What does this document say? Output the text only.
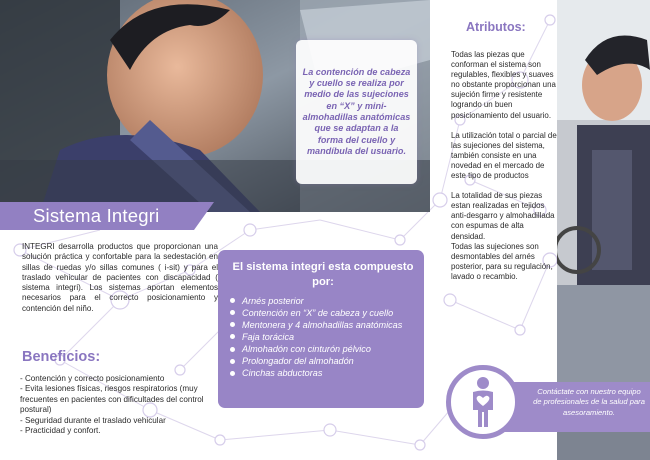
La contención de cabeza y cuello se realiza por medio de las sujeciones en “X” y mini-almohadillas anatómicas que se adaptan a la forma del cuello y mandíbula del usuario.
Sistema Integri
INTEGRI desarrolla productos que proporcionan una solución práctica y confortable para la sedestación en sillas de ruedas y/o sillas comunes ( i-sit) y para el traslado vehicular de pacientes con discapacidad ( sistema integri). Los sistemas aportan elementos necesarios para el correcto posicionamiento y contención del niño.
Beneficios:
- Contención y correcto posicionamiento
- Evita lesiones físicas, riesgos respiratorios (muy frecuentes en pacientes con dificultades del control postural)
- Seguridad durante el traslado vehicular
- Practicidad y confort.
El sistema integri esta compuesto por:
Arnés posterior
Contención en “X” de cabeza y cuello
Mentonera y 4 almohadillas anatómicas
Faja torácica
Almohadón con cinturón pélvico
Prolongador del almohadón
Cinchas abductoras
Atributos:

Todas las piezas que conforman el sistema son regulables, flexibles y suaves no obstante proporcionan una sujeción firme y resistente logrando un buen posicionamiento del usuario.

La utilización total o parcial de las sujeciones del sistema, también consiste en una novedad en el mercado de este tipo de productos

La totalidad de sus piezas estan realizadas en tejidos anti-desgarro y almohadillada con espumas de alta densidad.

Todas las sujeciones son desmontables del arnés posterior, para su regulación, lavado o recambio.

Contáctate con nuestro equipo de profesionales de la salud para asesoramiento.
